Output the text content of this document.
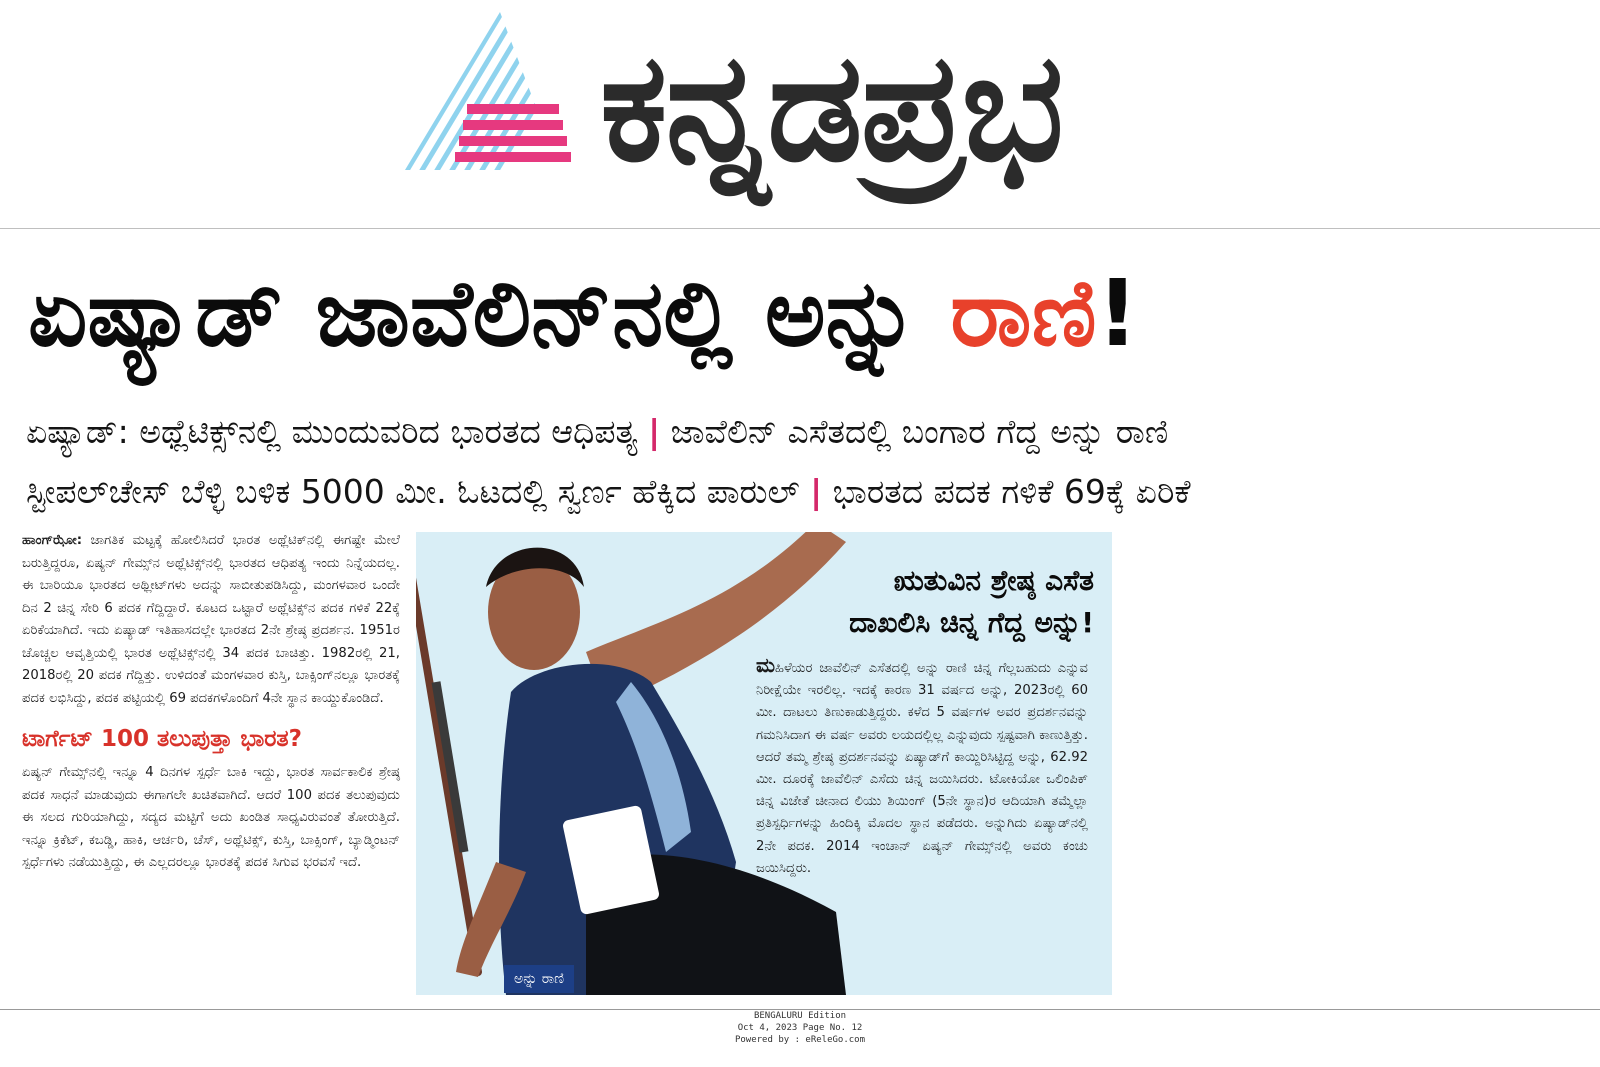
ಕನ್ನಡಪ್ರಭ
ಏಷ್ಯಾಡ್ ಜಾವೆಲಿನ್‌ನಲ್ಲಿ ಅನ್ನು ರಾಣಿ!
ಏಷ್ಯಾಡ್: ಅಥ್ಲೆಟಿಕ್ಸ್‌ನಲ್ಲಿ ಮುಂದುವರಿದ ಭಾರತದ ಆಧಿಪತ್ಯ | ಜಾವೆಲಿನ್ ಎಸೆತದಲ್ಲಿ ಬಂಗಾರ ಗೆದ್ದ ಅನ್ನು ರಾಣಿ
ಸ್ಟೀಪಲ್‌ಚೇಸ್ ಬೆಳ್ಳಿ ಬಳಿಕ 5000 ಮೀ. ಓಟದಲ್ಲಿ ಸ್ವರ್ಣ ಹೆಕ್ಕಿದ ಪಾರುಲ್ | ಭಾರತದ ಪದಕ ಗಳಿಕೆ 69ಕ್ಕೆ ಏರಿಕೆ

ಹಾಂಗ್‌ಝೋ: ಜಾಗತಿಕ ಮಟ್ಟಕ್ಕೆ ಹೋಲಿಸಿದರೆ ಭಾರತ ಅಥ್ಲೆಟಿಕ್‌ನಲ್ಲಿ ಈಗಷ್ಟೇ ಮೇಲೆ ಬರುತ್ತಿದ್ದರೂ, ಏಷ್ಯನ್ ಗೇಮ್ಸ್‌ನ ಅಥ್ಲೆಟಿಕ್ಸ್‌ನಲ್ಲಿ ಭಾರತದ ಆಧಿಪತ್ಯ ಇಂದು ನಿನ್ನೆಯದಲ್ಲ. ಈ ಬಾರಿಯೂ ಭಾರತದ ಅಥ್ಲೀಟ್‌ಗಳು ಅದನ್ನು ಸಾಬೀತುಪಡಿಸಿದ್ದು, ಮಂಗಳವಾರ ಒಂದೇ ದಿನ 2 ಚಿನ್ನ ಸೇರಿ 6 ಪದಕ ಗೆದ್ದಿದ್ದಾರೆ. ಕೂಟದ ಒಟ್ಟಾರೆ ಅಥ್ಲೆಟಿಕ್ಸ್‌ನ ಪದಕ ಗಳಿಕೆ 22ಕ್ಕೆ ಏರಿಕೆಯಾಗಿದೆ. ಇದು ಏಷ್ಯಾಡ್ ಇತಿಹಾಸದಲ್ಲೇ ಭಾರತದ 2ನೇ ಶ್ರೇಷ್ಠ ಪ್ರದರ್ಶನ. 1951ರ ಚೊಚ್ಚಲ ಆವೃತ್ತಿಯಲ್ಲಿ ಭಾರತ ಅಥ್ಲೆಟಿಕ್ಸ್‌ನಲ್ಲಿ 34 ಪದಕ ಬಾಚಿತ್ತು. 1982ರಲ್ಲಿ 21, 2018ರಲ್ಲಿ 20 ಪದಕ ಗೆದ್ದಿತ್ತು. ಉಳಿದಂತೆ ಮಂಗಳವಾರ ಕುಸ್ತಿ, ಬಾಕ್ಸಿಂಗ್‌ನಲ್ಲೂ ಭಾರತಕ್ಕೆ ಪದಕ ಲಭಿಸಿದ್ದು, ಪದಕ ಪಟ್ಟಿಯಲ್ಲಿ 69 ಪದಕಗಳೊಂದಿಗೆ 4ನೇ ಸ್ಥಾನ ಕಾಯ್ದುಕೊಂಡಿದೆ.

ಟಾರ್ಗೆಟ್ 100 ತಲುಪುತ್ತಾ ಭಾರತ?

ಏಷ್ಯನ್ ಗೇಮ್ಸ್‌ನಲ್ಲಿ ಇನ್ನೂ 4 ದಿನಗಳ ಸ್ಪರ್ಧೆ ಬಾಕಿ ಇದ್ದು, ಭಾರತ ಸಾರ್ವಕಾಲಿಕ ಶ್ರೇಷ್ಠ ಪದಕ ಸಾಧನೆ ಮಾಡುವುದು ಈಗಾಗಲೇ ಖಚಿತವಾಗಿದೆ. ಆದರೆ 100 ಪದಕ ತಲುಪುವುದು ಈ ಸಲದ ಗುರಿಯಾಗಿದ್ದು, ಸದ್ಯದ ಮಟ್ಟಿಗೆ ಅದು ಖಂಡಿತ ಸಾಧ್ಯವಿರುವಂತೆ ತೋರುತ್ತಿದೆ. ಇನ್ನೂ ಕ್ರಿಕೆಟ್, ಕಬಡ್ಡಿ, ಹಾಕಿ, ಆರ್ಚರಿ, ಚೆಸ್, ಅಥ್ಲೆಟಿಕ್ಸ್, ಕುಸ್ತಿ, ಬಾಕ್ಸಿಂಗ್, ಬ್ಯಾಡ್ಮಿಂಟನ್ ಸ್ಪರ್ಧೆಗಳು ನಡೆಯುತ್ತಿದ್ದು, ಈ ಎಲ್ಲದರಲ್ಲೂ ಭಾರತಕ್ಕೆ ಪದಕ ಸಿಗುವ ಭರವಸೆ ಇದೆ.

ಅನ್ನು ರಾಣಿ
ಋತುವಿನ ಶ್ರೇಷ್ಠ ಎಸೆತ
ದಾಖಲಿಸಿ ಚಿನ್ನ ಗೆದ್ದ ಅನ್ನು!
ಮಹಿಳೆಯರ ಜಾವೆಲಿನ್ ಎಸೆತದಲ್ಲಿ ಅನ್ನು ರಾಣಿ ಚಿನ್ನ ಗೆಲ್ಲಬಹುದು ಎನ್ನುವ ನಿರೀಕ್ಷೆಯೇ ಇರಲಿಲ್ಲ. ಇದಕ್ಕೆ ಕಾರಣ 31 ವರ್ಷದ ಅನ್ನು, 2023ರಲ್ಲಿ 60 ಮೀ. ದಾಟಲು ತಿಣುಕಾಡುತ್ತಿದ್ದರು. ಕಳೆದ 5 ವರ್ಷಗಳ ಅವರ ಪ್ರದರ್ಶನವನ್ನು ಗಮನಿಸಿದಾಗ ಈ ವರ್ಷ ಅವರು ಲಯದಲ್ಲಿಲ್ಲ ಎನ್ನುವುದು ಸ್ಪಷ್ಟವಾಗಿ ಕಾಣುತ್ತಿತ್ತು. ಆದರೆ ತಮ್ಮ ಶ್ರೇಷ್ಠ ಪ್ರದರ್ಶನವನ್ನು ಏಷ್ಯಾಡ್‌ಗೆ ಕಾಯ್ದಿರಿಸಿಟ್ಟಿದ್ದ ಅನ್ನು, 62.92 ಮೀ. ದೂರಕ್ಕೆ ಜಾವೆಲಿನ್ ಎಸೆದು ಚಿನ್ನ ಜಯಿಸಿದರು. ಟೋಕಿಯೋ ಒಲಿಂಪಿಕ್ ಚಿನ್ನ ವಿಜೇತೆ ಚೀನಾದ ಲಿಯು ಶಿಯಿಂಗ್ (5ನೇ ಸ್ಥಾನ)ರ ಆದಿಯಾಗಿ ತಮ್ಮೆಲ್ಲಾ ಪ್ರತಿಸ್ಪರ್ಧಿಗಳನ್ನು ಹಿಂದಿಕ್ಕಿ ಮೊದಲ ಸ್ಥಾನ ಪಡೆದರು. ಅನ್ನುಗಿದು ಏಷ್ಯಾಡ್‌ನಲ್ಲಿ 2ನೇ ಪದಕ. 2014 ಇಂಚಾನ್ ಏಷ್ಯನ್ ಗೇಮ್ಸ್‌ನಲ್ಲಿ ಅವರು ಕಂಚು ಜಯಿಸಿದ್ದರು.
BENGALURU Edition
Oct 4, 2023 Page No. 12
Powered by : eReleGo.com
